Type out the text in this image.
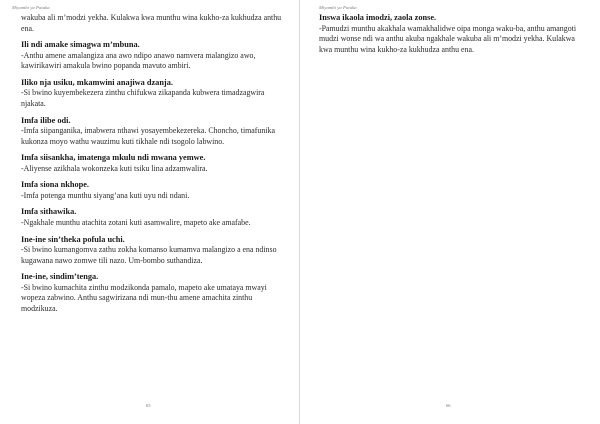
Miyambi ya Patuka

wakuba ali m’modzi yekha. Kulakwa kwa munthu wina kukho-za kukhudza anthu ena.

Ili ndi amake simagwa m’mbuna.

-Anthu amene amalangiza ana awo ndipo anawo namvera malangizo awo, kawirikawiri amakula bwino popanda mavuto ambiri.

Iliko nja usiku, mkamwini anajiwa dzanja.

-Si bwino kuyembekezera zinthu chifukwa zikapanda kubwera timadzagwira njakata.

Imfa ilibe odi.

-Imfa siipanganika, imabwera nthawi yosayembekezereka. Choncho, timafunika kukonza moyo wathu wauzimu kuti tikhale ndi tsogolo labwino.

Imfa siisankha, imatenga mkulu ndi mwana yemwe.

-Aliyense azikhala wokonzeka kuti tsiku lina adzamwalira.

Imfa siona nkhope.

-Imfa potenga munthu siyang’ana kuti uyu ndi ndani.

Imfa sithawika.

-Ngakhale munthu atachita zotani kuti asamwalire, mapeto ake amafabe.

Ine-ine sin’theka pofula uchi.

-Si bwino kumangomva zathu zokha komanso kumamva malangizo a ena ndinso kugawana nawo zomwe tili nazo. Um-bombo suthandiza.

Ine-ine, sindim’tenga.

-Si bwino kumachita zinthu modzikonda pamalo, mapeto ake umataya mwayi wopeza zabwino. Anthu sagwirizana ndi mun-thu amene amachita zinthu modzikuza.

65
Miyambi ya Patuka

Inswa ikaola imodzi, zaola zonse.

-Pamudzi munthu akakhala wamakhalidwe oipa monga waku-ba, anthu amangoti mudzi wonse ndi wa anthu akuba ngakhale wakuba ali m’modzi yekha. Kulakwa kwa munthu wina kukho-za kukhudza anthu ena.

66
